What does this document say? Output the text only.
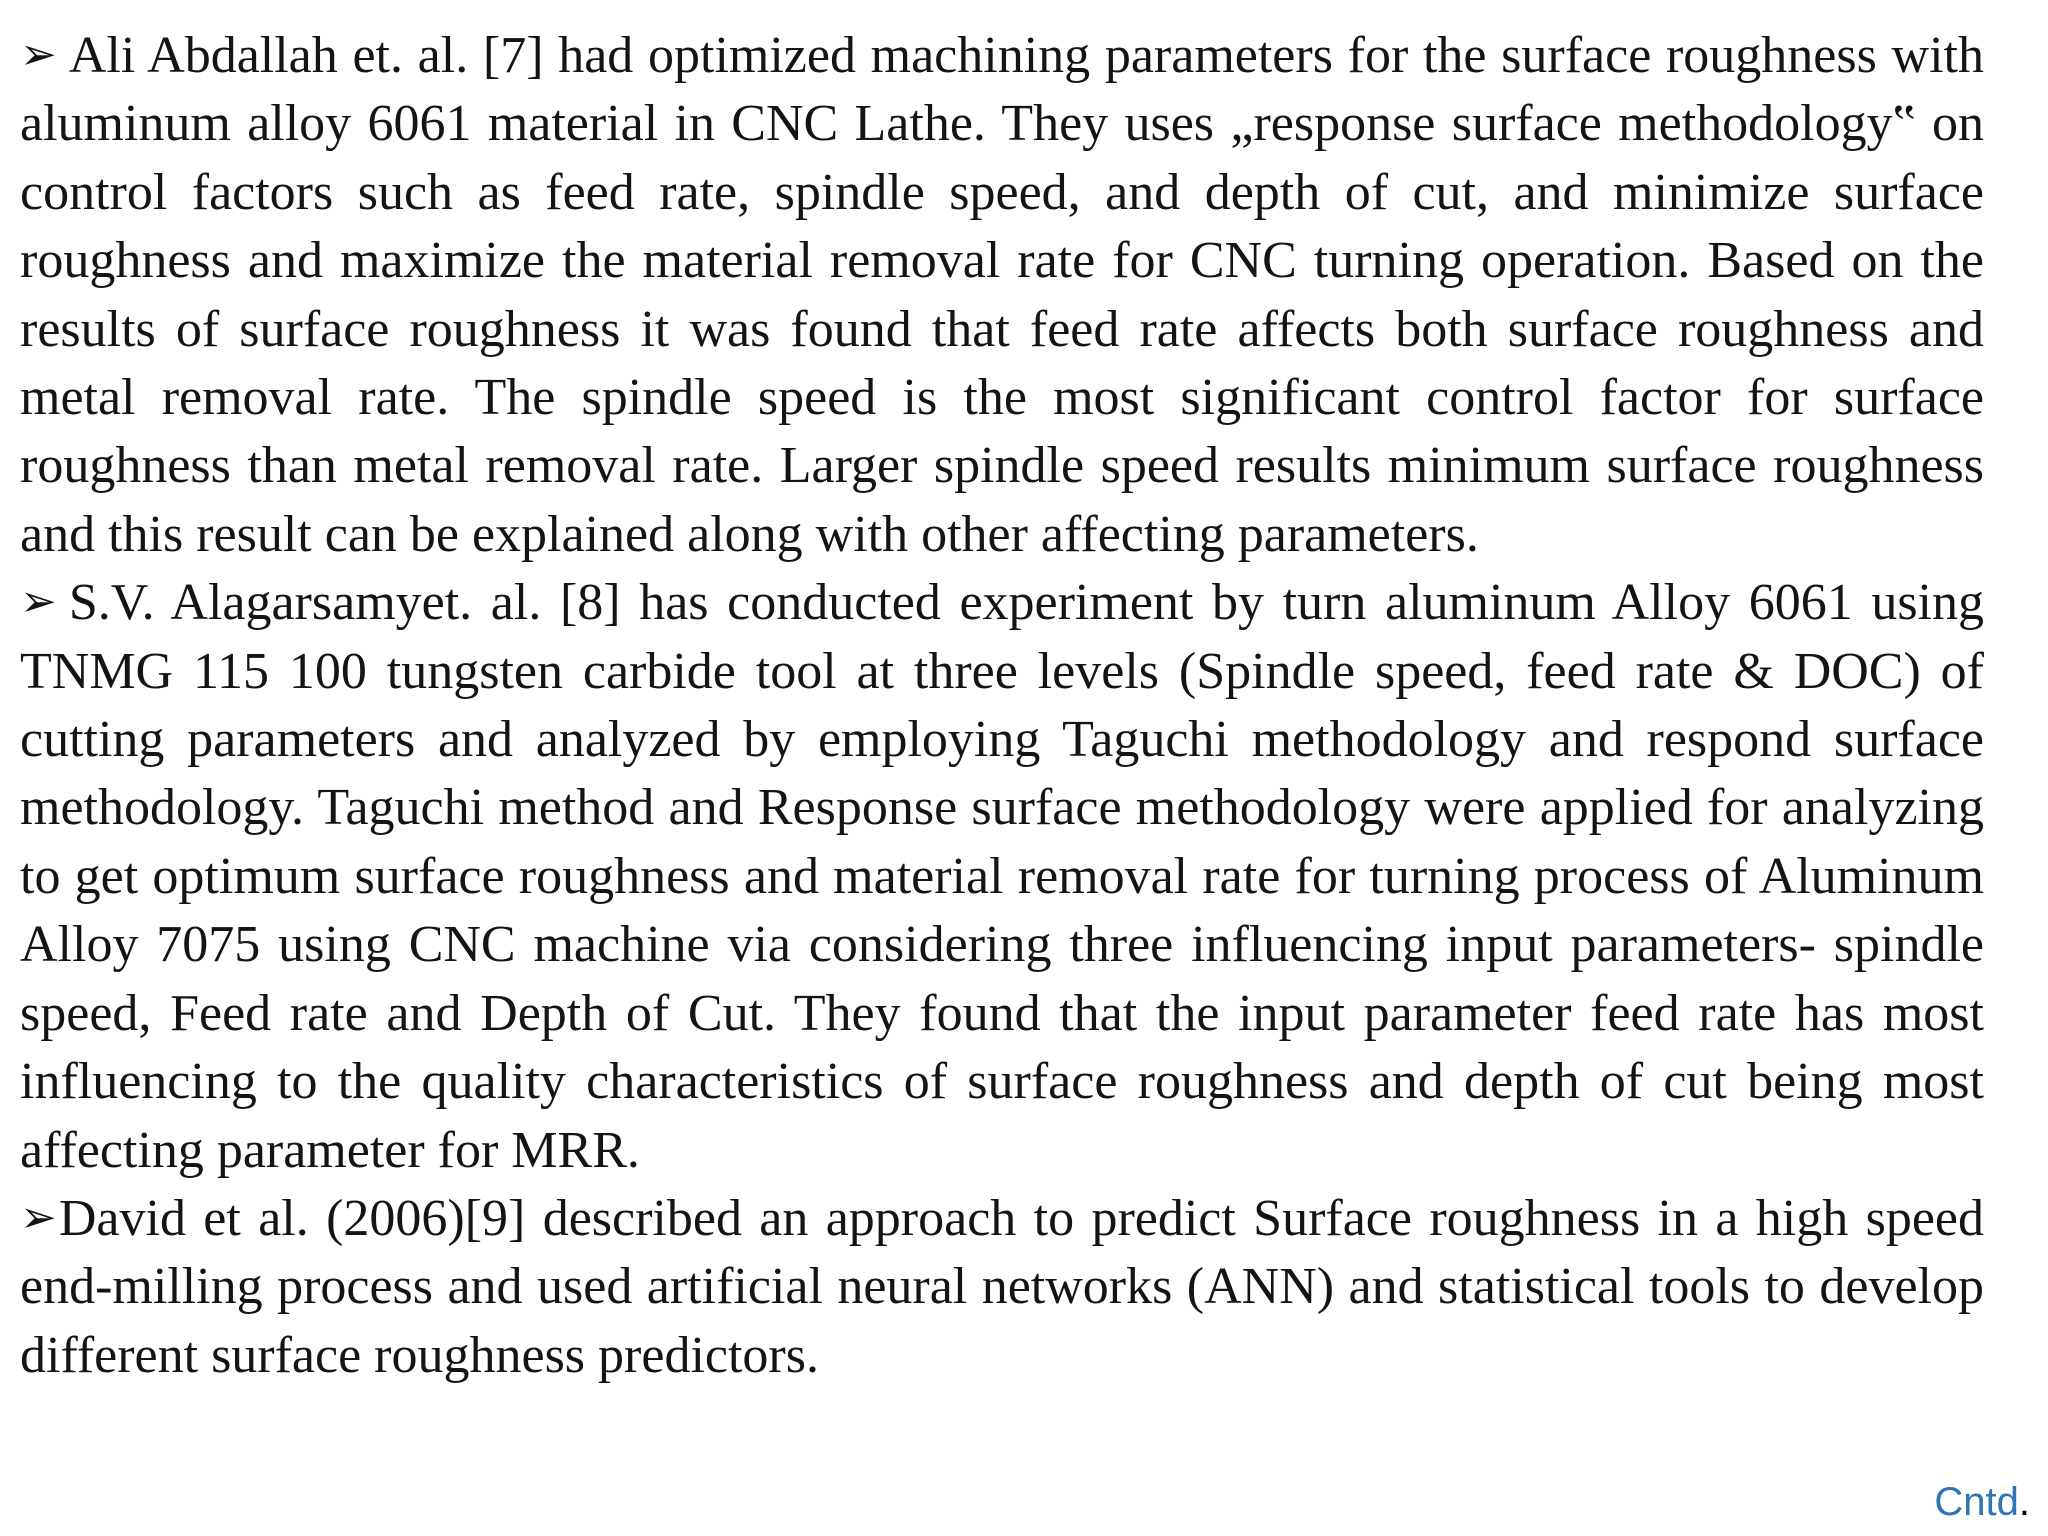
➢ Ali Abdallah et. al. [7] had optimized machining parameters for the surface roughness with aluminum alloy 6061 material in CNC Lathe. They uses „response surface methodology‟ on control factors such as feed rate, spindle speed, and depth of cut, and minimize surface roughness and maximize the material removal rate for CNC turning operation. Based on the results of surface roughness it was found that feed rate affects both surface roughness and metal removal rate. The spindle speed is the most significant control factor for surface roughness than metal removal rate. Larger spindle speed results minimum surface roughness and this result can be explained along with other affecting parameters.

➢ S.V. Alagarsamyet. al. [8] has conducted experiment by turn aluminum Alloy 6061 using TNMG 115 100 tungsten carbide tool at three levels (Spindle speed, feed rate & DOC) of cutting parameters and analyzed by employing Taguchi methodology and respond surface methodology. Taguchi method and Response surface methodology were applied for analyzing to get optimum surface roughness and material removal rate for turning process of Aluminum Alloy 7075 using CNC machine via considering three influencing input parameters- spindle speed, Feed rate and Depth of Cut. They found that the input parameter feed rate has most influencing to the quality characteristics of surface roughness and depth of cut being most affecting parameter for MRR.

➢David et al. (2006)[9] described an approach to predict Surface roughness in a high speed end-milling process and used artificial neural networks (ANN) and statistical tools to develop different surface roughness predictors.

Cntd.
